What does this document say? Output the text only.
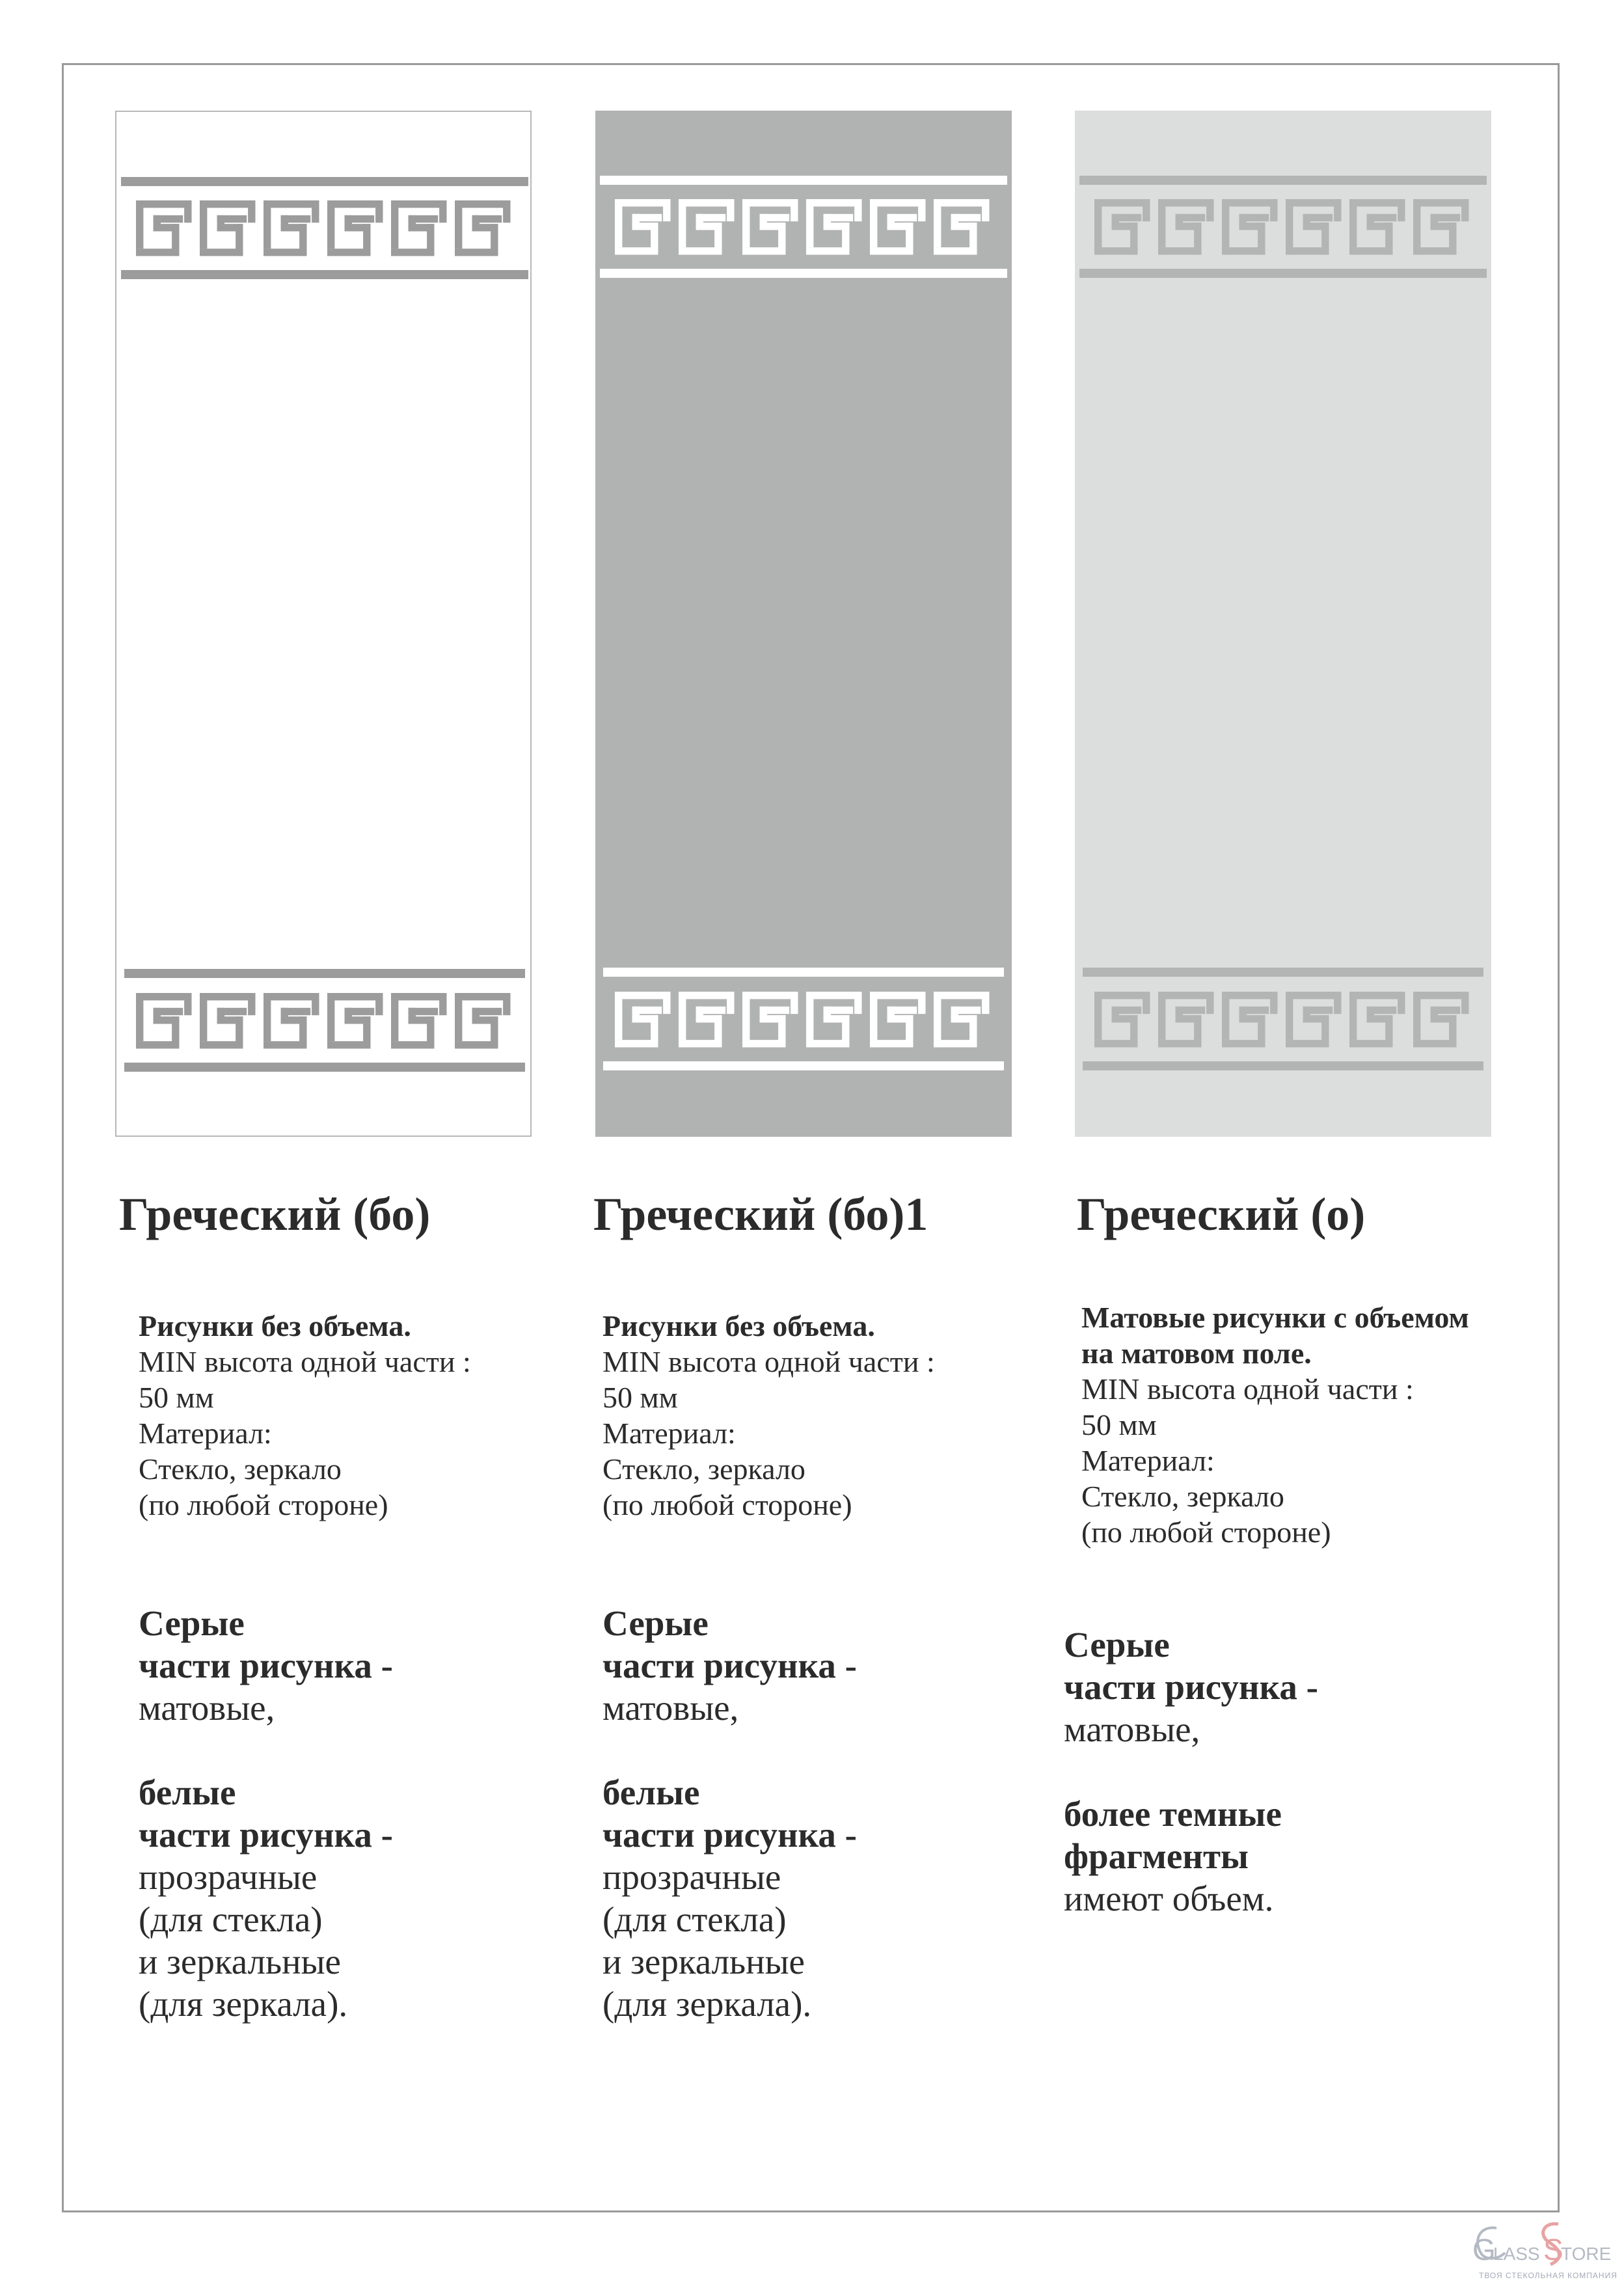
Греческий (бо)	Греческий (бо)1	Греческий (о)
Рисунки без объема.
MIN высота одной части :
50 мм
Материал:
Стекло, зеркало
(по любой стороне)
Рисунки без объема.
MIN высота одной части :
50 мм
Материал:
Стекло, зеркало
(по любой стороне)
Матовые рисунки с объемом
на матовом поле.
MIN высота одной части :
50 мм
Материал:
Стекло, зеркало
(по любой стороне)
Серые
части рисунка -
матовые,
белые
части рисунка -
прозрачные
(для стекла)
и зеркальные
(для зеркала).
Серые
части рисунка -
матовые,
белые
части рисунка -
прозрачные
(для стекла)
и зеркальные
(для зеркала).
Серые
части рисунка -
матовые,
более темные
фрагменты
имеют объем.
G
LASS S
TORE
ТВОЯ СТЕКОЛЬНАЯ КОМПАНИЯ
